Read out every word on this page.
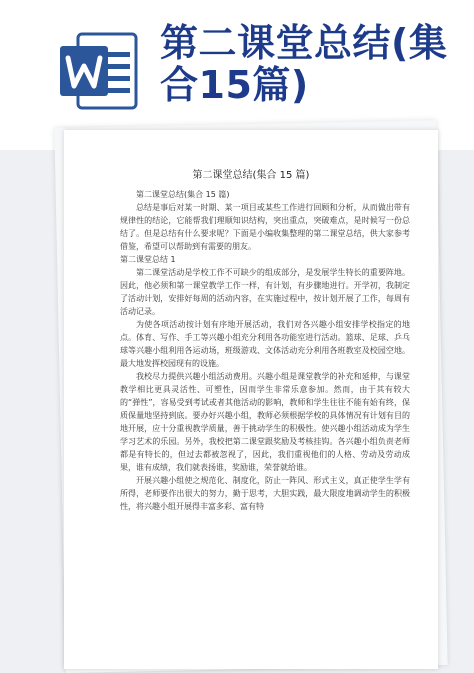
第二课堂总结(集合15篇)
第二课堂总结(集合 15 篇)

第二课堂总结(集合 15 篇)

总结是事后对某一时期、某一项目或某些工作进行回顾和分析，从而做出带有规律性的结论，它能帮我们理顺知识结构，突出重点，突破难点，是时候写一份总结了。但是总结有什么要求呢？下面是小编收集整理的第二课堂总结，供大家参考借鉴，希望可以帮助到有需要的朋友。

第二课堂总结 1

第二课堂活动是学校工作不可缺少的组成部分，是发展学生特长的重要阵地。因此，他必须和第一课堂教学工作一样，有计划，有步骤地进行。开学初，我制定了活动计划，安排好每周的活动内容，在实施过程中，按计划开展了工作，每周有活动记录。

为使各项活动按计划有序地开展活动，我们对各兴趣小组安排学校指定的地点。体育、写作、手工等兴趣小组充分利用各功能室进行活动。篮球、足球、乒乓球等兴趣小组利用各运动场，班级游戏、文体活动充分利用各班教室及校园空地。最大地发挥校园现有的设施。

我校尽力提供兴趣小组活动费用。兴趣小组是课堂教学的补充和延伸，与课堂教学相比更具灵活性、可塑性，因而学生非常乐意参加。然而，由于其有较大的“弹性”，容易受到考试或者其他活动的影响，教师和学生往往不能有始有终，保质保量地坚持到底。要办好兴趣小组，教师必须根据学校的具体情况有计划有目的地开展，应十分重视教学质量，善于挑动学生的积极性。使兴趣小组活动成为学生学习艺术的乐园。另外，我校把第二课堂跟奖励及考核挂钩。各兴趣小组负责老师都是有特长的，但过去都被忽视了，因此，我们重视他们的人格、劳动及劳动成果，谁有成绩，我们就表扬谁，奖励谁，荣誉就给谁。

开展兴趣小组使之规范化、制度化，防止一阵风、形式主义，真正使学生学有所得，老师要作出很大的努力，勤于思考，大胆实践，最大限度地调动学生的积极性，将兴趣小组开展得丰富多彩、富有特
